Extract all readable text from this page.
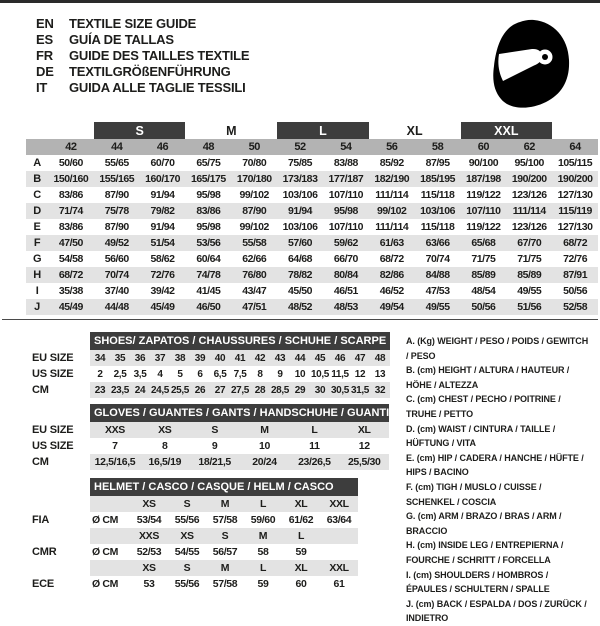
EN	TEXTILE SIZE GUIDE
ES	GUÍA DE TALLAS
FR	GUIDE DES TAILLES TEXTILE
DE	TEXTILGRÖßENFÜHRUNG
IT	GUIDA ALLE TAGLIE TESSILI
		S		M		L		XL		XXL		
	42	44	46	48	50	52	54	56	58	60	62	64
A	50/60	55/65	60/70	65/75	70/80	75/85	83/88	85/92	87/95	90/100	95/100	105/115
B	150/160	155/165	160/170	165/175	170/180	173/183	177/187	182/190	185/195	187/198	190/200	190/200
C	83/86	87/90	91/94	95/98	99/102	103/106	107/110	111/114	115/118	119/122	123/126	127/130
D	71/74	75/78	79/82	83/86	87/90	91/94	95/98	99/102	103/106	107/110	111/114	115/119
E	83/86	87/90	91/94	95/98	99/102	103/106	107/110	111/114	115/118	119/122	123/126	127/130
F	47/50	49/52	51/54	53/56	55/58	57/60	59/62	61/63	63/66	65/68	67/70	68/72
G	54/58	56/60	58/62	60/64	62/66	64/68	66/70	68/72	70/74	71/75	71/75	72/76
H	68/72	70/74	72/76	74/78	76/80	78/82	80/84	82/86	84/88	85/89	85/89	87/91
I	35/38	37/40	39/42	41/45	43/47	45/50	46/51	46/52	47/53	48/54	49/55	50/56
J	45/49	44/48	45/49	46/50	47/51	48/52	48/53	49/54	49/55	50/56	51/56	52/58
	SHOES/ ZAPATOS / CHAUSSURES / SCHUHE / SCARPE														
EU SIZE	34	35	36	37	38	39	40	41	42	43	44	45	46	47	48
US SIZE	2	2,5	3,5	4	5	6	6,5	7,5	8	9	10	10,5	11,5	12	13
CM	23	23,5	24	24,5	25,5	26	27	27,5	28	28,5	29	30	30,5	31,5	32
	GLOVES / GUANTES / GANTS / HANDSCHUHE / GUANTI					
EU SIZE	XXS	XS	S	M	L	XL
US SIZE	7	8	9	10	11	12
CM	12,5/16,5	16,5/19	18/21,5	20/24	23/26,5	25,5/30
	HELMET / CASCO / CASQUE / HELM / CASCO						
		XS	S	M	L	XL	XXL
FIA	Ø CM	53/54	55/56	57/58	59/60	61/62	63/64
		XXS	XS	S	M	L	
CMR	Ø CM	52/53	54/55	56/57	58	59	
		XS	S	M	L	XL	XXL
ECE	Ø CM	53	55/56	57/58	59	60	61
A. (Kg) WEIGHT / PESO / POIDS / GEWITCH / PESO
B. (cm) HEIGHT / ALTURA / HAUTEUR / HÖHE / ALTEZZA
C. (cm) CHEST / PECHO / POITRINE / TRUHE / PETTO
D. (cm) WAIST / CINTURA / TAILLE / HÜFTUNG / VITA
E. (cm) HIP / CADERA / HANCHE / HÜFTE / HIPS / BACINO
F. (cm) TIGH / MUSLO / CUISSE / SCHENKEL / COSCIA
G. (cm) ARM / BRAZO / BRAS / ARM / BRACCIO
H. (cm) INSIDE LEG / ENTREPIERNA / FOURCHE / SCHRITT / FORCELLA
I. (cm) SHOULDERS / HOMBROS / ÉPAULES / SCHULTERN / SPALLE
J. (cm) BACK / ESPALDA / DOS / ZURÜCK / INDIETRO
